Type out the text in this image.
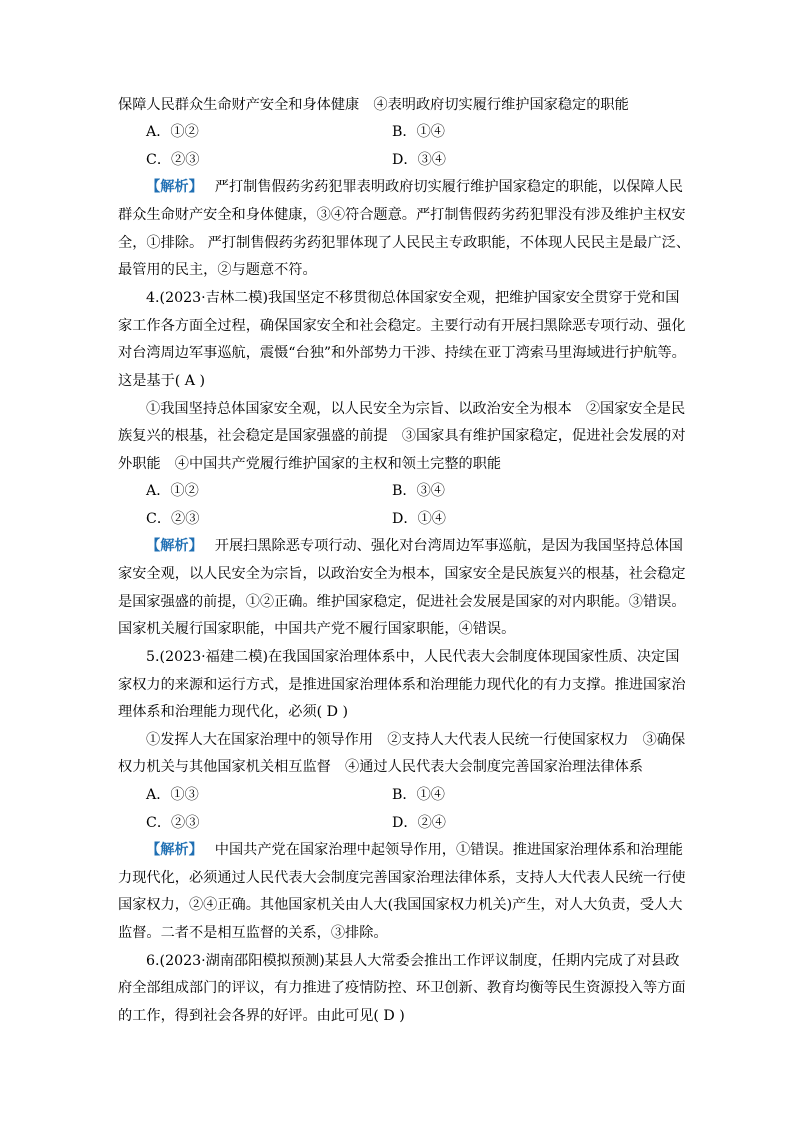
保障人民群众生命财产安全和身体健康　④表明政府切实履行维护国家稳定的职能
A．①②	B．①④
C．②③	D．③④
【解析】 严打制售假药劣药犯罪表明政府切实履行维护国家稳定的职能，以保障人民
群众生命财产安全和身体健康，③④符合题意。严打制售假药劣药犯罪没有涉及维护主权安
全，①排除。 严打制售假药劣药犯罪体现了人民民主专政职能，不体现人民民主是最广泛、
最管用的民主，②与题意不符。
4.(2023·吉林二模)我国坚定不移贯彻总体国家安全观，把维护国家安全贯穿于党和国
家工作各方面全过程，确保国家安全和社会稳定。主要行动有开展扫黑除恶专项行动、强化
对台湾周边军事巡航，震慑“台独”和外部势力干涉、持续在亚丁湾索马里海域进行护航等。
这是基于( A )
①我国坚持总体国家安全观，以人民安全为宗旨、以政治安全为根本　②国家安全是民
族复兴的根基，社会稳定是国家强盛的前提　③国家具有维护国家稳定，促进社会发展的对
外职能　④中国共产党履行维护国家的主权和领土完整的职能
A．①②	B．③④
C．②③	D．①④
【解析】 开展扫黑除恶专项行动、强化对台湾周边军事巡航，是因为我国坚持总体国
家安全观，以人民安全为宗旨，以政治安全为根本，国家安全是民族复兴的根基，社会稳定
是国家强盛的前提，①②正确。维护国家稳定，促进社会发展是国家的对内职能。③错误。
国家机关履行国家职能，中国共产党不履行国家职能，④错误。
5.(2023·福建二模)在我国国家治理体系中，人民代表大会制度体现国家性质、决定国
家权力的来源和运行方式，是推进国家治理体系和治理能力现代化的有力支撑。推进国家治
理体系和治理能力现代化，必须( D )
①发挥人大在国家治理中的领导作用　②支持人大代表人民统一行使国家权力　③确保
权力机关与其他国家机关相互监督　④通过人民代表大会制度完善国家治理法律体系
A．①③	B．①④
C．②③	D．②④
【解析】 中国共产党在国家治理中起领导作用，①错误。推进国家治理体系和治理能
力现代化，必须通过人民代表大会制度完善国家治理法律体系，支持人大代表人民统一行使
国家权力，②④正确。其他国家机关由人大(我国国家权力机关)产生，对人大负责，受人大
监督。二者不是相互监督的关系，③排除。
6.(2023·湖南邵阳模拟预测)某县人大常委会推出工作评议制度，任期内完成了对县政
府全部组成部门的评议，有力推进了疫情防控、环卫创新、教育均衡等民生资源投入等方面
的工作，得到社会各界的好评。由此可见( D )
